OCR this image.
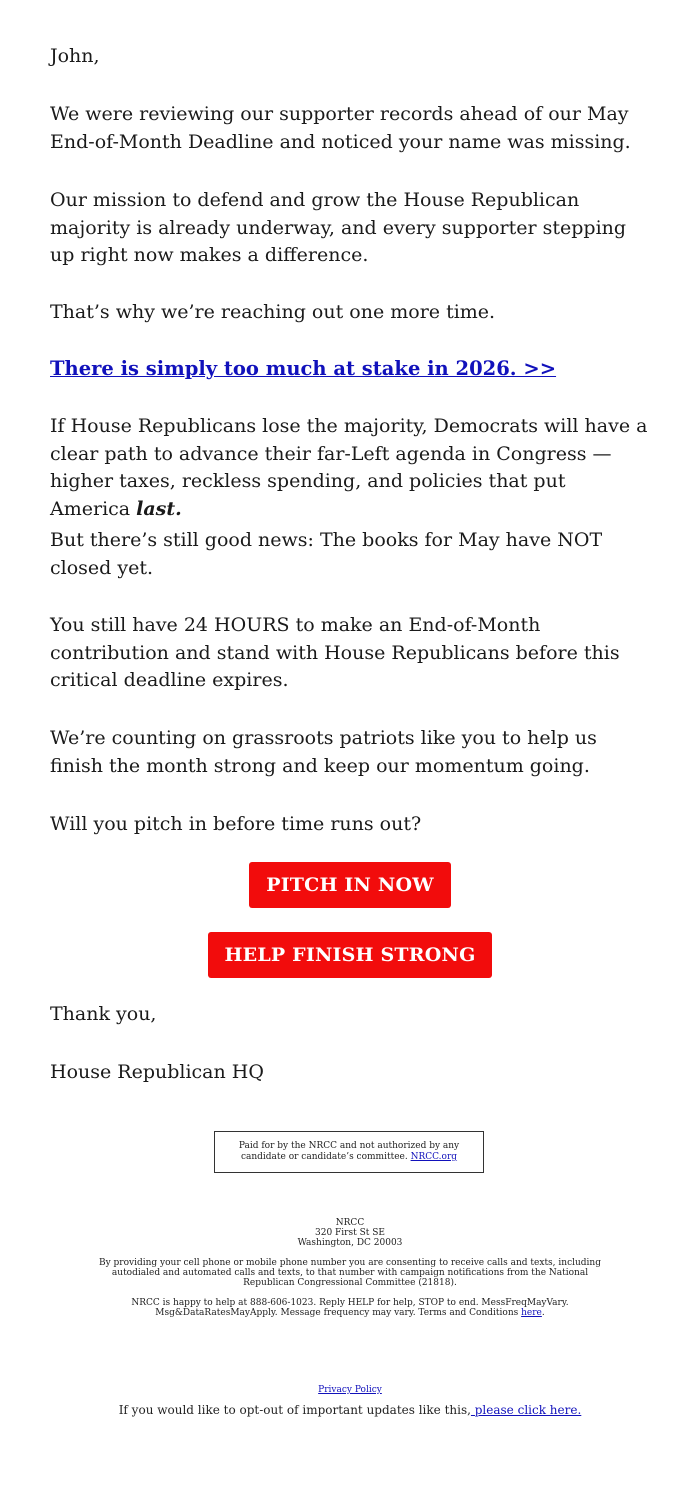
John,

We were reviewing our supporter records ahead of our May End-of-Month Deadline and noticed your name was missing.

Our mission to defend and grow the House Republican majority is already underway, and every supporter stepping up right now makes a difference.

That’s why we’re reaching out one more time.

There is simply too much at stake in 2026. >>

If House Republicans lose the majority, Democrats will have a clear path to advance their far-Left agenda in Congress — higher taxes, reckless spending, and policies that put America last.

But there’s still good news: The books for May have NOT closed yet.

You still have 24 HOURS to make an End-of-Month contribution and stand with House Republicans before this critical deadline expires.

We’re counting on grassroots patriots like you to help us finish the month strong and keep our momentum going.

Will you pitch in before time runs out?

PITCH IN NOW
HELP FINISH STRONG

Thank you,

House Republican HQ

Paid for by the NRCC and not authorized by any candidate or candidate’s committee. NRCC.org

NRCC

320 First St SE

Washington, DC 20003

By providing your cell phone or mobile phone number you are consenting to receive calls and texts, including autodialed and automated calls and texts, to that number with campaign notifications from the National Republican Congressional Committee (21818).

NRCC is happy to help at 888-606-1023. Reply HELP for help, STOP to end. MessFreqMayVary. Msg&DataRatesMayApply. Message frequency may vary. Terms and Conditions here.

Privacy Policy

If you would like to opt-out of important updates like this, please click here.
